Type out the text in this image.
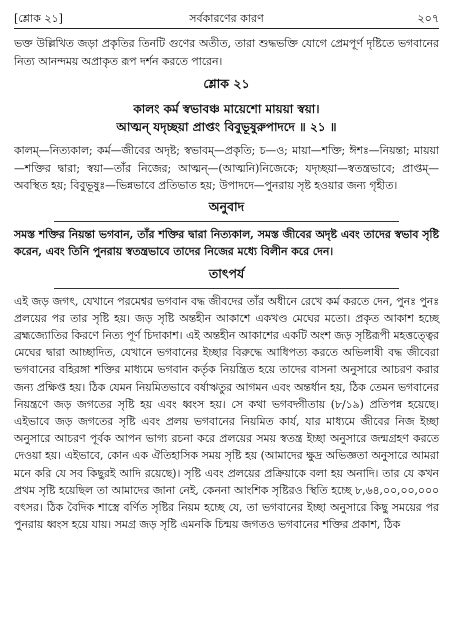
[শ্লোক ২১]	সর্বকারণের কারণ	২০৭

ভক্ত উল্লিখিত জড়া প্রকৃতির তিনটি গুণের অতীত, তারা শুদ্ধভক্তি যোগে প্রেমপূর্ণ দৃষ্টিতে ভগবানের নিত্য আনন্দময় অপ্রাকৃত রূপ দর্শন করতে পারেন।

শ্লোক ২১
কালং কর্ম স্বভাবঞ্চ মায়েশো মায়য়া স্বয়া।
আত্মন্ যদৃচ্ছয়া প্রাপ্তং বিবুভূষুরুপাদদে ॥ ২১ ॥

কালম্—নিত্যকাল; কর্ম—জীবের অদৃষ্ট; স্বভাবম্—প্রকৃতি; চ—ও; মায়া—শক্তি; ঈশঃ—নিয়ন্তা; মায়য়া—শক্তির দ্বারা; স্বয়া—তাঁর নিজের; আত্মন্—(আত্মনি)নিজেকে; যদৃচ্ছয়া—স্বতন্ত্রভাবে; প্রাপ্তম্—অবস্থিত হয়; বিবুভূষুঃ—ভিন্নভাবে প্রতিভাত হয়; উপাদদে—পুনরায় সৃষ্ট হওয়ার জন্য গৃহীত।

অনুবাদ

সমস্ত শক্তির নিয়ন্তা ভগবান, তাঁর শক্তির দ্বারা নিত্যকাল, সমস্ত জীবের অদৃষ্ট এবং তাদের স্বভাব সৃষ্টি করেন, এবং তিনি পুনরায় স্বতন্ত্রভাবে তাদের নিজের মধ্যে বিলীন করে দেন।

তাৎপর্য

এই জড় জগৎ, যেখানে পরমেশ্বর ভগবান বদ্ধ জীবদের তাঁর অধীনে রেখে কর্ম করতে দেন, পুনঃ পুনঃ প্রলয়ের পর তার সৃষ্টি হয়। জড় সৃষ্টি অন্তহীন আকাশে একখণ্ড মেঘের মতো। প্রকৃত আকাশ হচ্ছে ব্রহ্মজ্যোতির কিরণে নিত্য পূর্ণ চিদাকাশ। এই অন্তহীন আকাশের একটি অংশ জড় সৃষ্টিরূপী মহত্তত্ত্বের মেঘের দ্বারা আচ্ছাদিত, যেখানে ভগবানের ইচ্ছার বিরুদ্ধে আধিপত্য করতে অভিলাষী বদ্ধ জীবেরা ভগবানের বহিরঙ্গা শক্তির মাধ্যমে ভগবান কর্তৃক নিয়ন্ত্রিত হয়ে তাদের বাসনা অনুসারে আচরণ করার জন্য প্রক্ষিপ্ত হয়। ঠিক যেমন নিয়মিতভাবে বর্ষাঋতুর আগমন এবং অন্তর্ধান হয়, ঠিক তেমন ভগবানের নিয়ন্ত্রণে জড় জগতের সৃষ্টি হয় এবং ধ্বংস হয়। সে কথা ভগবদ্গীতায় (৮/১৯) প্রতিপন্ন হয়েছে। এইভাবে জড় জগতের সৃষ্টি এবং প্রলয় ভগবানের নিয়মিত কার্য, যার মাধ্যমে জীবের নিজ ইচ্ছা অনুসারে আচরণ পূর্বক আপন ভাগ্য রচনা করে প্রলয়ের সময় স্বতন্ত্র ইচ্ছা অনুসারে জন্মগ্রহণ করতে দেওয়া হয়। এইভাবে, কোন এক ঐতিহাসিক সময় সৃষ্টি হয় (আমাদের ক্ষুদ্র অভিজ্ঞতা অনুসারে আমরা মনে করি যে সব কিছুরই আদি রয়েছে)। সৃষ্টি এবং প্রলয়ের প্রক্রিয়াকে বলা হয় অনাদি। তার যে কখন প্রথম সৃষ্টি হয়েছিল তা আমাদের জানা নেই, কেননা আংশিক সৃষ্টিরও স্থিতি হচ্ছে ৮,৬৪,০০,০০,০০০ বৎসর। ঠিক বৈদিক শাস্ত্রে বর্ণিত সৃষ্টির নিয়ম হচ্ছে যে, তা ভগবানের ইচ্ছা অনুসারে কিছু সময়ের পর পুনরায় ধ্বংস হয়ে যায়। সমগ্র জড় সৃষ্টি এমনকি চিন্ময় জগতও ভগবানের শক্তির প্রকাশ, ঠিক
